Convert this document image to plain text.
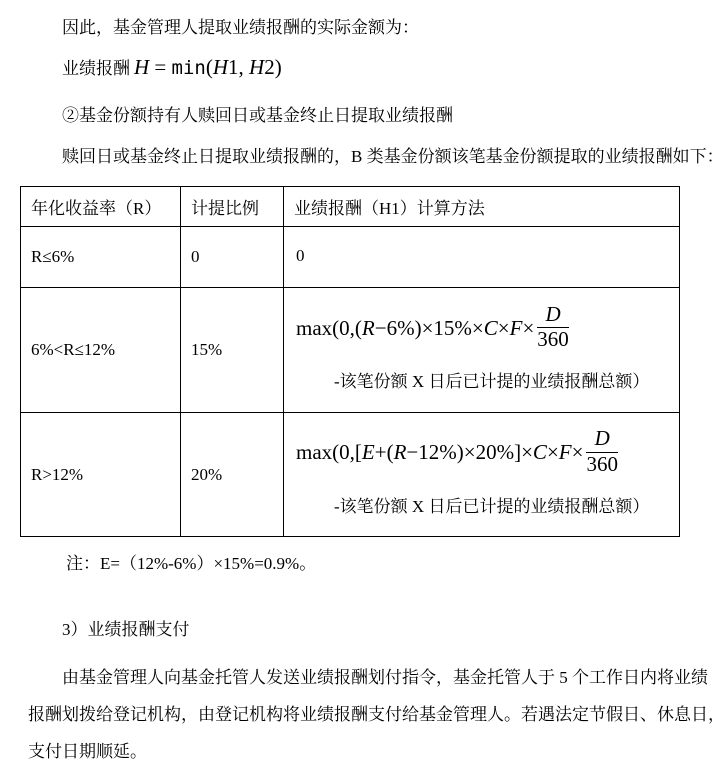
因此，基金管理人提取业绩报酬的实际金额为：

业绩报酬 H = min(H1, H2)

②基金份额持有人赎回日或基金终止日提取业绩报酬

赎回日或基金终止日提取业绩报酬的，B 类基金份额该笔基金份额提取的业绩报酬如下：

年化收益率（R）	计提比例	业绩报酬（H1）计算方法
R≤6%	0	0
6%<R≤12%	15%	$\max(0,(R-6\%)\times 15\%\times C\times F\times \frac{D}{360}$
-该笔份额 X 日后已计提的业绩报酬总额）

R>12%	20%	$\max(0,[E+(R-12\%)\times 20\%]\times C\times F\times \frac{D}{360}$
-该笔份额 X 日后已计提的业绩报酬总额）

注：E=（12%-6%）×15%=0.9%。

3）业绩报酬支付

由基金管理人向基金托管人发送业绩报酬划付指令，基金托管人于 5 个工作日内将业绩
报酬划拨给登记机构，由登记机构将业绩报酬支付给基金管理人。若遇法定节假日、休息日，
支付日期顺延。
